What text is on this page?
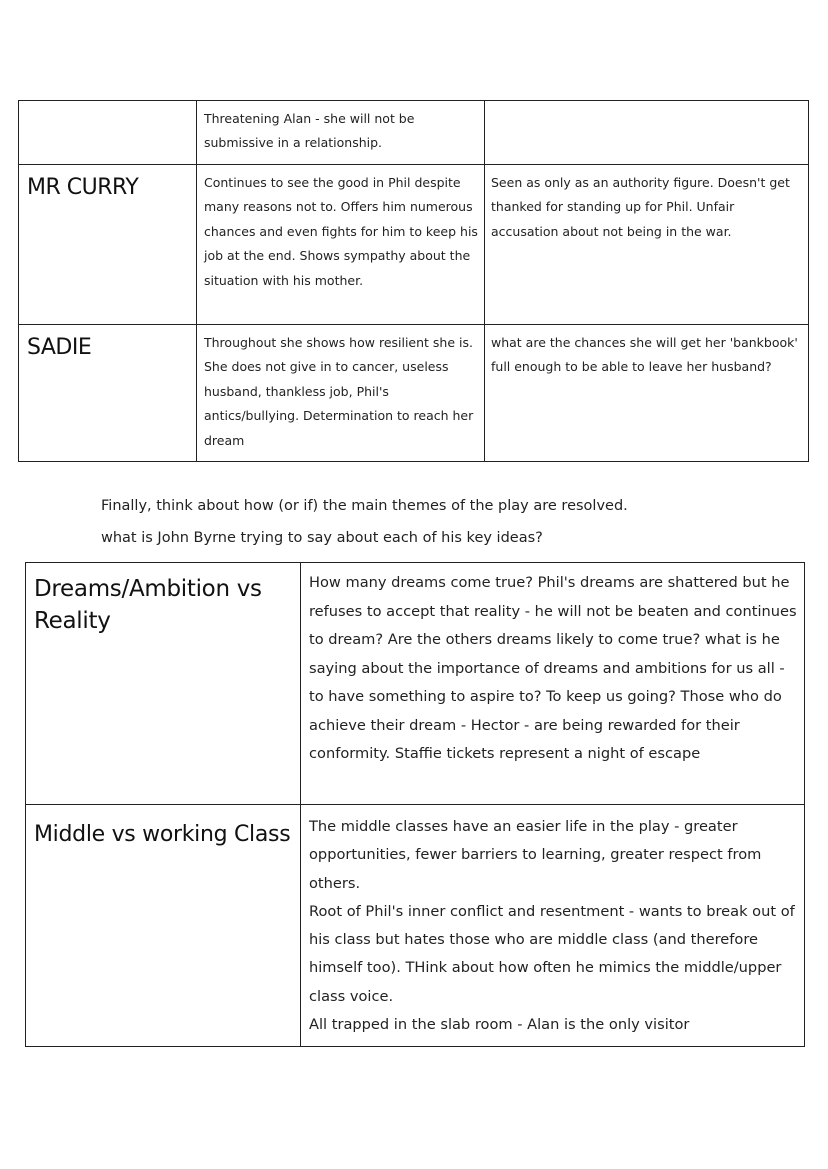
	Threatening Alan - she will not be submissive in a relationship.	

MR CURRY	Continues to see the good in Phil despite many reasons not to. Offers him numerous chances and even fights for him to keep his job at the end. Shows sympathy about the situation with his mother.	Seen as only as an authority figure. Doesn't get thanked for standing up for Phil. Unfair accusation about not being in the war.

SADIE	Throughout she shows how resilient she is. She does not give in to cancer, useless husband, thankless job, Phil's antics/bullying. Determination to reach her dream	what are the chances she will get her 'bankbook' full enough to be able to leave her husband?
Finally, think about how (or if) the main themes of the play are resolved.
what is John Byrne trying to say about each of his key ideas?
Dreams/Ambition vs Reality	How many dreams come true? Phil's dreams are shattered but he refuses to accept that reality - he will not be beaten and continues to dream? Are the others dreams likely to come true? what is he saying about the importance of dreams and ambitions for us all - to have something to aspire to? To keep us going? Those who do achieve their dream - Hector - are being rewarded for their conformity. Staffie tickets represent a night of escape

Middle vs working Class	The middle classes have an easier life in the play - greater opportunities, fewer barriers to learning, greater respect from others.
Root of Phil's inner conflict and resentment - wants to break out of his class but hates those who are middle class (and therefore himself too). THink about how often he mimics the middle/upper class voice.
All trapped in the slab room - Alan is the only visitor
